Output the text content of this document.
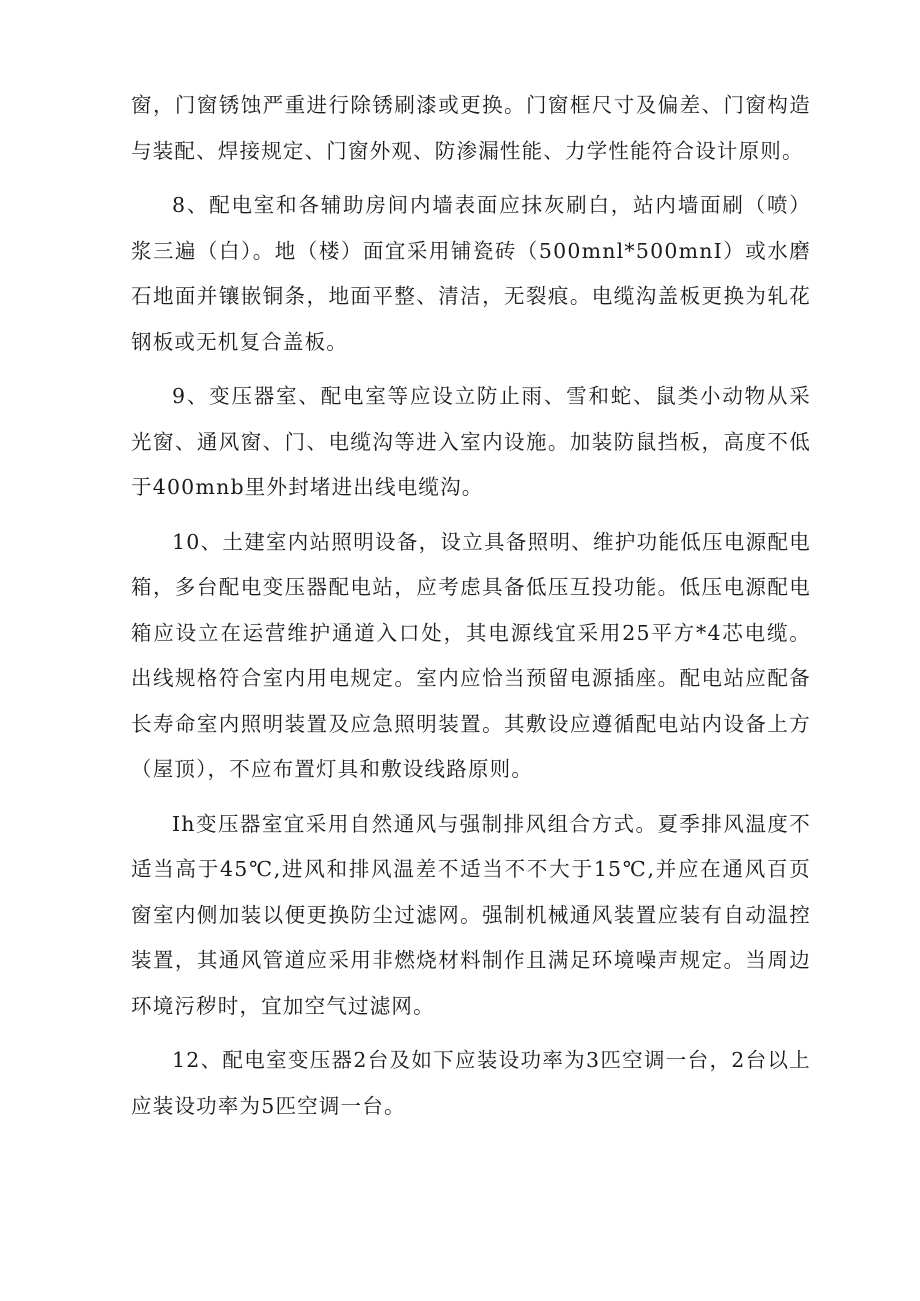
窗，门窗锈蚀严重进行除锈刷漆或更换。门窗框尺寸及偏差、门窗构造与装配、焊接规定、门窗外观、防渗漏性能、力学性能符合设计原则。

8、配电室和各辅助房间内墙表面应抹灰刷白，站内墙面刷（喷）浆三遍（白）。地（楼）面宜采用铺瓷砖（500mnl*500mnI）或水磨石地面并镶嵌铜条，地面平整、清洁，无裂痕。电缆沟盖板更换为轧花钢板或无机复合盖板。

9、变压器室、配电室等应设立防止雨、雪和蛇、鼠类小动物从采光窗、通风窗、门、电缆沟等进入室内设施。加装防鼠挡板，高度不低于400mnb里外封堵进出线电缆沟。

10、土建室内站照明设备，设立具备照明、维护功能低压电源配电箱，多台配电变压器配电站，应考虑具备低压互投功能。低压电源配电箱应设立在运营维护通道入口处，其电源线宜采用25平方*4芯电缆。出线规格符合室内用电规定。室内应恰当预留电源插座。配电站应配备长寿命室内照明装置及应急照明装置。其敷设应遵循配电站内设备上方（屋顶），不应布置灯具和敷设线路原则。

Ih变压器室宜采用自然通风与强制排风组合方式。夏季排风温度不适当高于45℃,进风和排风温差不适当不不大于15℃,并应在通风百页窗室内侧加装以便更换防尘过滤网。强制机械通风装置应装有自动温控装置，其通风管道应采用非燃烧材料制作且满足环境噪声规定。当周边环境污秽时，宜加空气过滤网。

12、配电室变压器2台及如下应装设功率为3匹空调一台，2台以上应装设功率为5匹空调一台。
